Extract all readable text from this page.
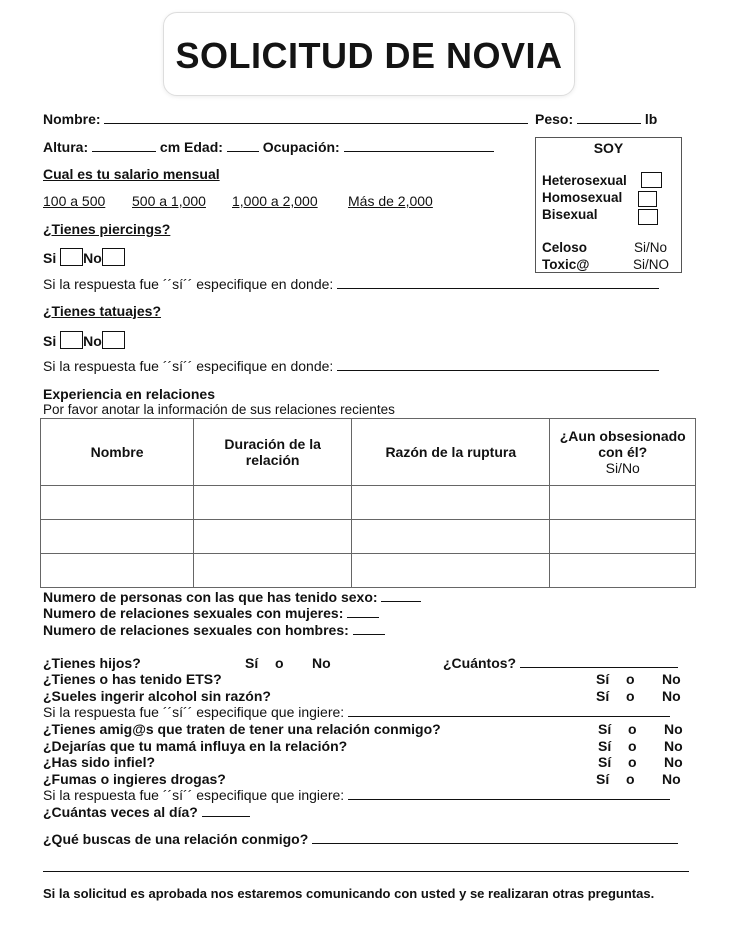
SOLICITUD DE NOVIA
Nombre:	Peso:	lb
Altura:	cm Edad:	Ocupación:	SOY
Heterosexual
Homosexual
Bisexual
Celoso	Si/No
Toxic@	Si/NO
Cual es tu salario mensual
100 a 500 500 a 1,000 1,000 a 2,000 Más de 2,000
¿Tienes piercings?
Si No
Si la respuesta fue ´´sí´´ especifique en donde:
¿Tienes tatuajes?
Si No
Si la respuesta fue ´´sí´´ especifique en donde:
Experiencia en relaciones
Por favor anotar la información de sus relaciones recientes
Nombre	Duración de la relación	Razón de la ruptura	¿Aun obsesionado con él?
Si/No

Numero de personas con las que has tenido sexo:
Numero de relaciones sexuales con mujeres:
Numero de relaciones sexuales con hombres:
¿Tienes hijos?	Sí o No	¿Cuántos?
¿Tienes o has tenido ETS?	Sí o No
¿Sueles ingerir alcohol sin razón?	Sí o No
Si la respuesta fue ´´sí´´ especifique que ingiere:
¿Tienes amig@s que traten de tener una relación conmigo?	Sí o No
¿Dejarías que tu mamá influya en la relación?	Sí o No
¿Has sido infiel?	Sí o No
¿Fumas o ingieres drogas?	Sí o No
Si la respuesta fue ´´sí´´ especifique que ingiere:
¿Cuántas veces al día?
¿Qué buscas de una relación conmigo?
Si la solicitud es aprobada nos estaremos comunicando con usted y se realizaran otras preguntas.
